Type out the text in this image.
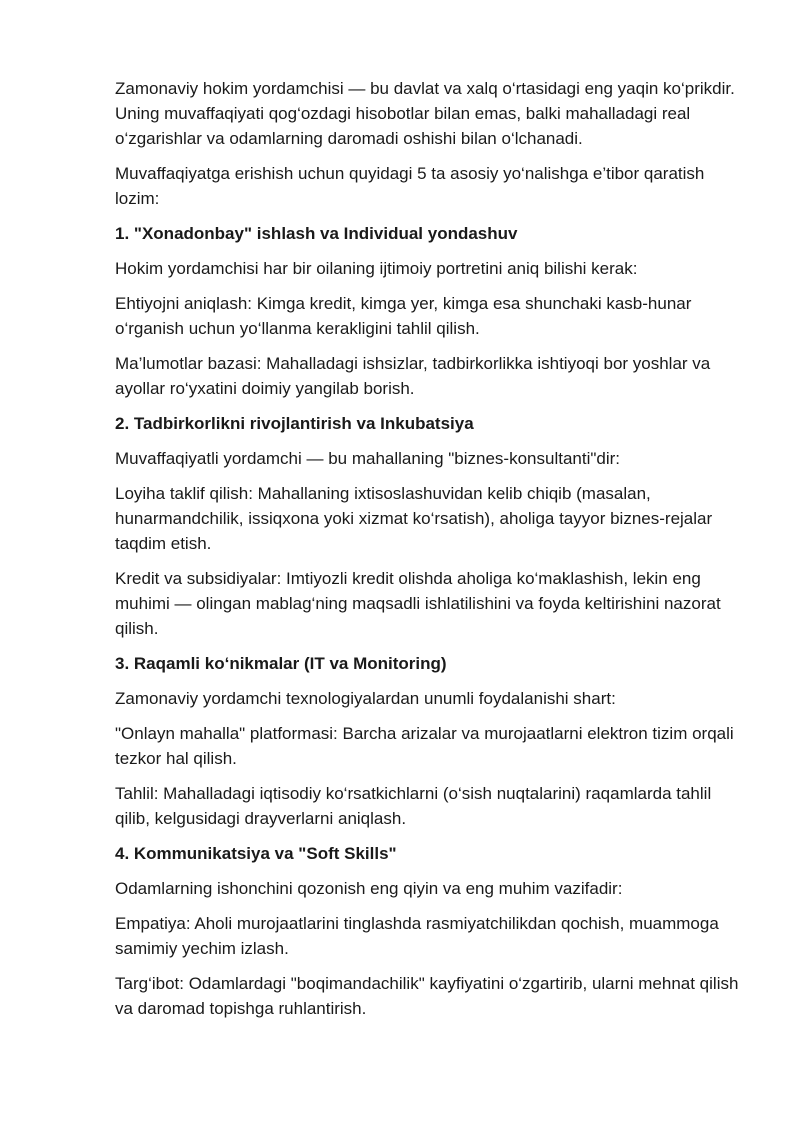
Zamonaviy hokim yordamchisi — bu davlat va xalq o‘rtasidagi eng yaqin ko‘prikdir. Uning muvaffaqiyati qog‘ozdagi hisobotlar bilan emas, balki mahalladagi real o‘zgarishlar va odamlarning daromadi oshishi bilan o‘lchanadi.

Muvaffaqiyatga erishish uchun quyidagi 5 ta asosiy yo‘nalishga e’tibor qaratish lozim:

1. "Xonadonbay" ishlash va Individual yondashuv

Hokim yordamchisi har bir oilaning ijtimoiy portretini aniq bilishi kerak:

Ehtiyojni aniqlash: Kimga kredit, kimga yer, kimga esa shunchaki kasb-hunar o‘rganish uchun yo‘llanma kerakligini tahlil qilish.

Ma’lumotlar bazasi: Mahalladagi ishsizlar, tadbirkorlikka ishtiyoqi bor yoshlar va ayollar ro‘yxatini doimiy yangilab borish.

2. Tadbirkorlikni rivojlantirish va Inkubatsiya

Muvaffaqiyatli yordamchi — bu mahallaning "biznes-konsultanti"dir:

Loyiha taklif qilish: Mahallaning ixtisoslashuvidan kelib chiqib (masalan, hunarmandchilik, issiqxona yoki xizmat ko‘rsatish), aholiga tayyor biznes-rejalar taqdim etish.

Kredit va subsidiyalar: Imtiyozli kredit olishda aholiga ko‘maklashish, lekin eng muhimi — olingan mablag‘ning maqsadli ishlatilishini va foyda keltirishini nazorat qilish.

3. Raqamli ko‘nikmalar (IT va Monitoring)

Zamonaviy yordamchi texnologiyalardan unumli foydalanishi shart:

"Onlayn mahalla" platformasi: Barcha arizalar va murojaatlarni elektron tizim orqali tezkor hal qilish.

Tahlil: Mahalladagi iqtisodiy ko‘rsatkichlarni (o‘sish nuqtalarini) raqamlarda tahlil qilib, kelgusidagi drayverlarni aniqlash.

4. Kommunikatsiya va "Soft Skills"

Odamlarning ishonchini qozonish eng qiyin va eng muhim vazifadir:

Empatiya: Aholi murojaatlarini tinglashda rasmiyatchilikdan qochish, muammoga samimiy yechim izlash.

Targ‘ibot: Odamlardagi "boqimandachilik" kayfiyatini o‘zgartirib, ularni mehnat qilish va daromad topishga ruhlantirish.
